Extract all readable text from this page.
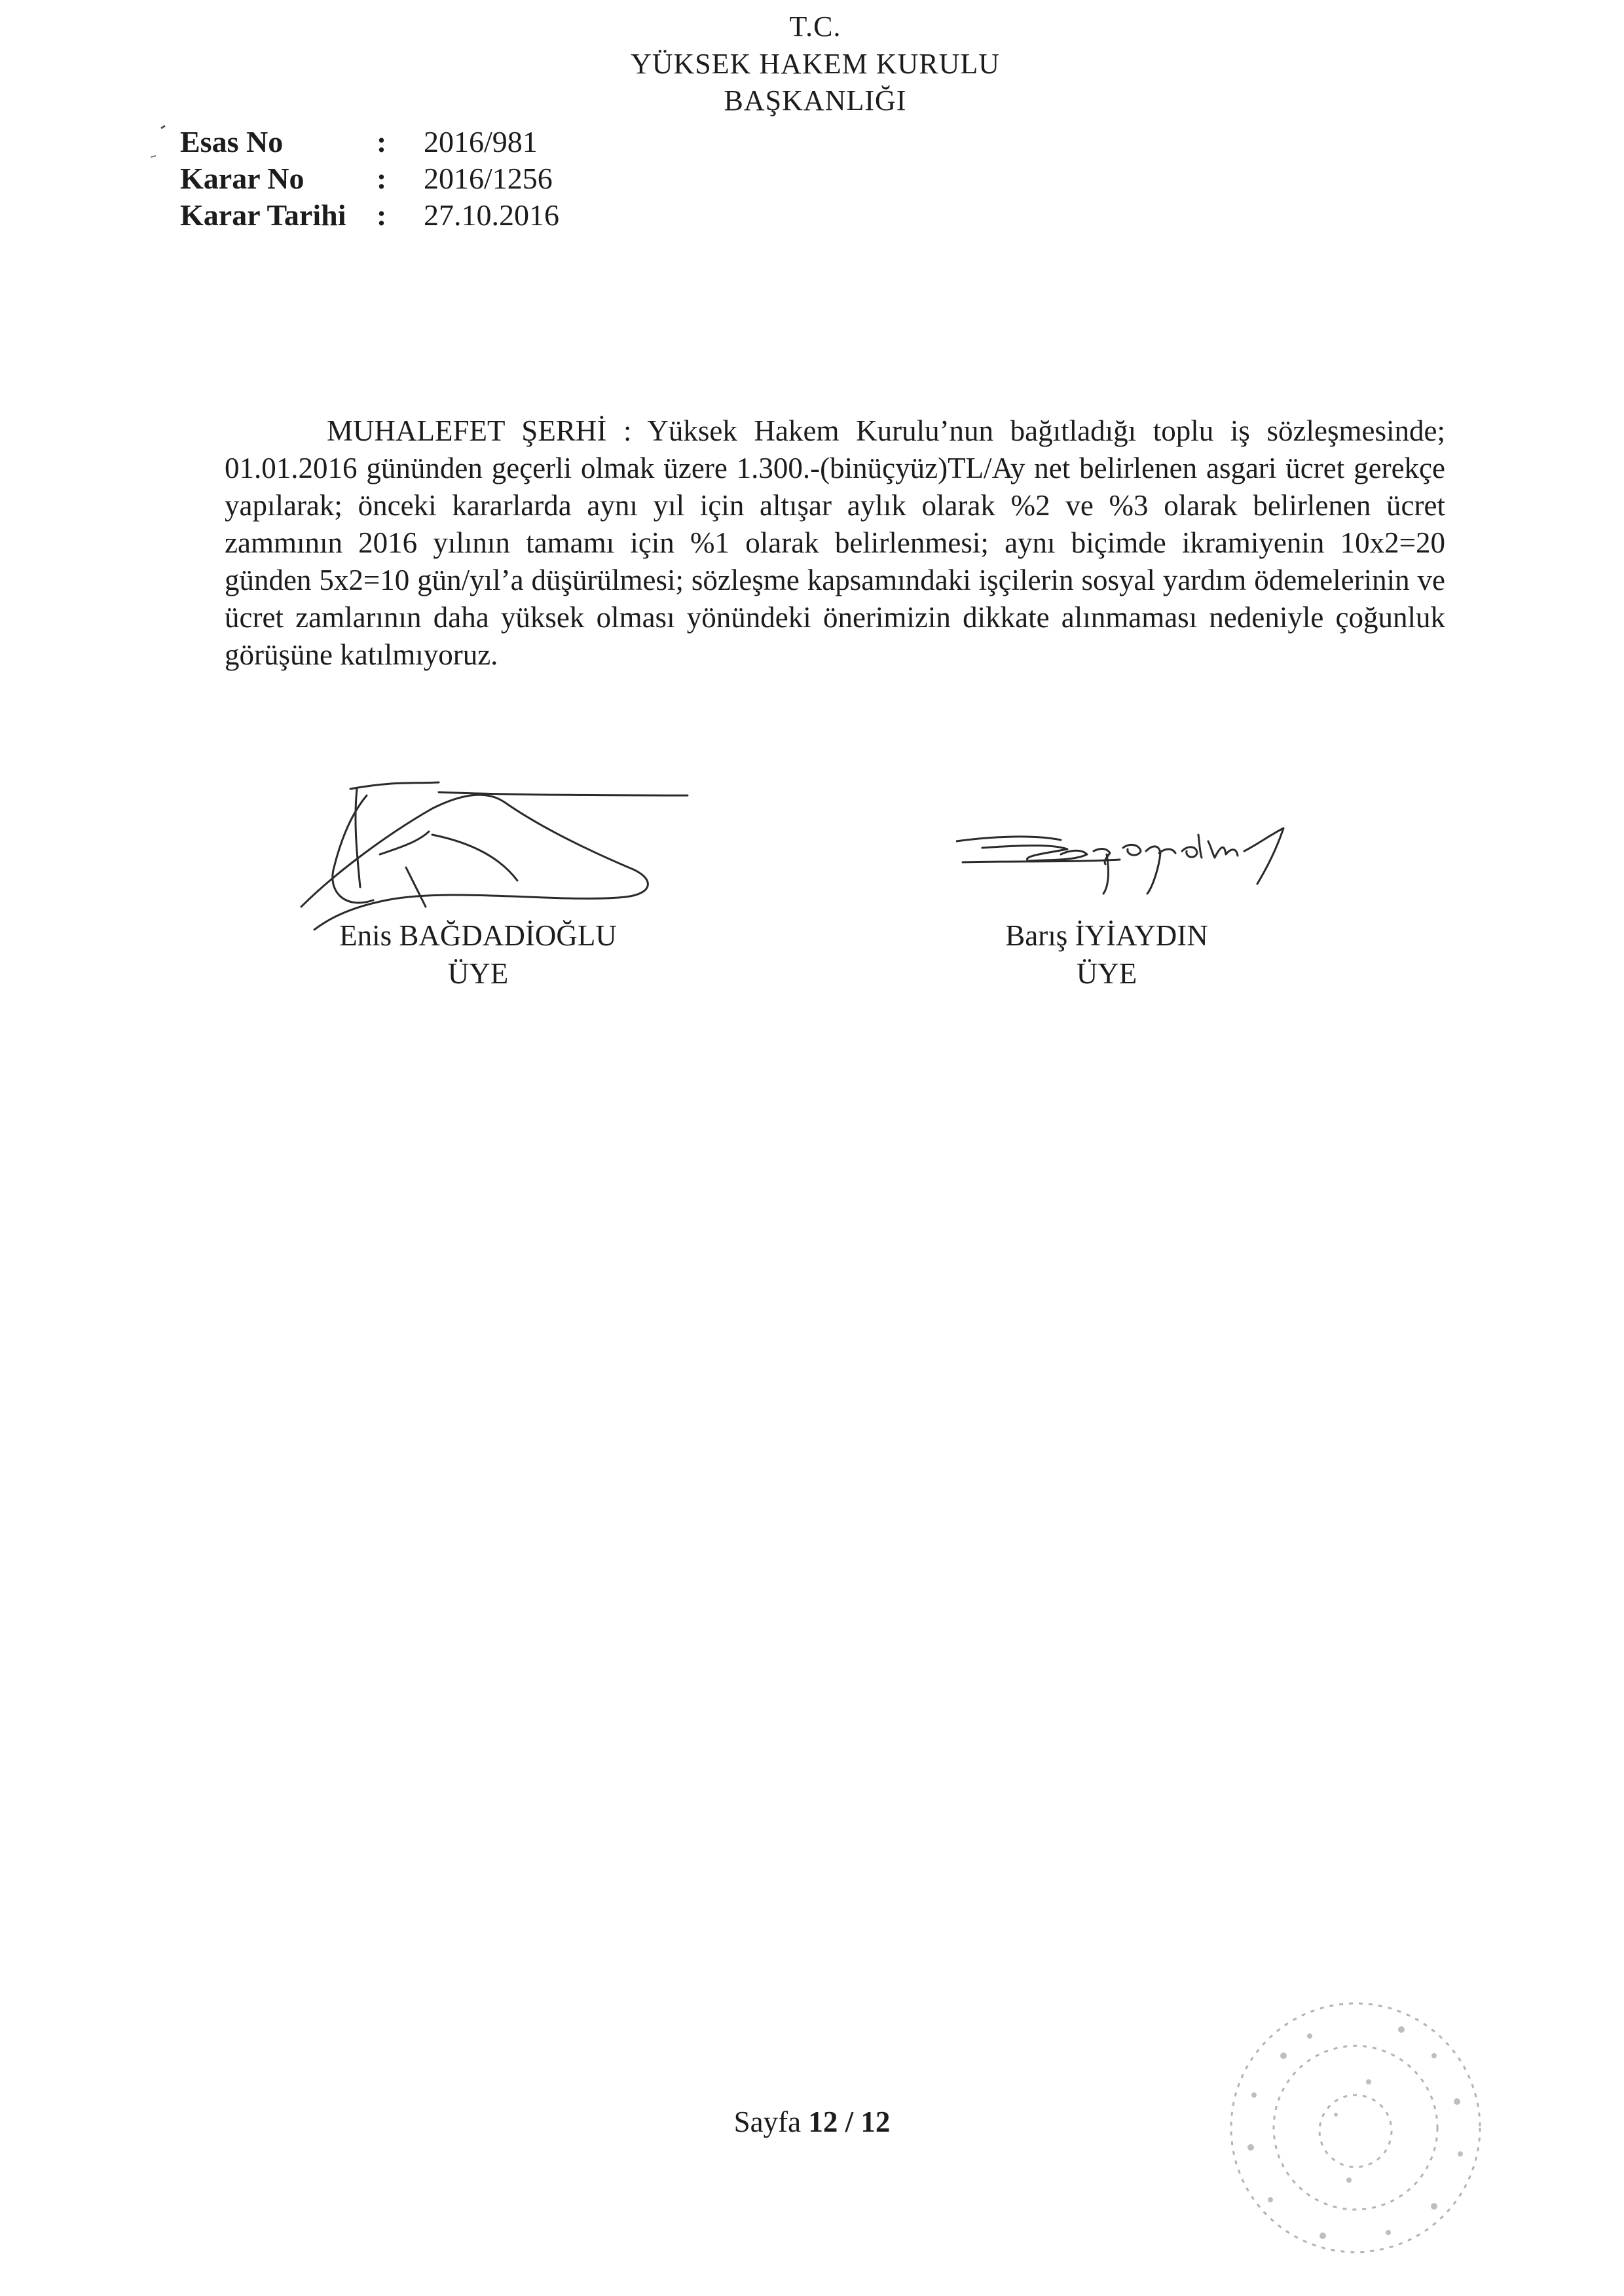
T.C.
YÜKSEK HAKEM KURULU
BAŞKANLIĞI
Esas No	: 2016/981
Karar No : 2016/1256
Karar Tarihi : 27.10.2016
MUHALEFET ŞERHİ : Yüksek Hakem Kurulu’nun bağıtladığı toplu iş sözleşmesinde; 01.01.2016 gününden geçerli olmak üzere 1.300.-(binüçyüz)TL/Ay net belirlenen asgari ücret gerekçe yapılarak; önceki kararlarda aynı yıl için altışar aylık olarak %2 ve %3 olarak belirlenen ücret zammının 2016 yılının tamamı için %1 olarak belirlenmesi; aynı biçimde ikramiyenin 10x2=20 günden 5x2=10 gün/yıl’a düşürülmesi; sözleşme kapsamındaki işçilerin sosyal yardım ödemelerinin ve ücret zamlarının daha yüksek olması yönündeki önerimizin dikkate alınmaması nedeniyle çoğunluk görüşüne katılmıyoruz.
Enis BAĞDADİOĞLU
ÜYE
Barış İYİAYDIN
ÜYE
Sayfa 12 / 12
